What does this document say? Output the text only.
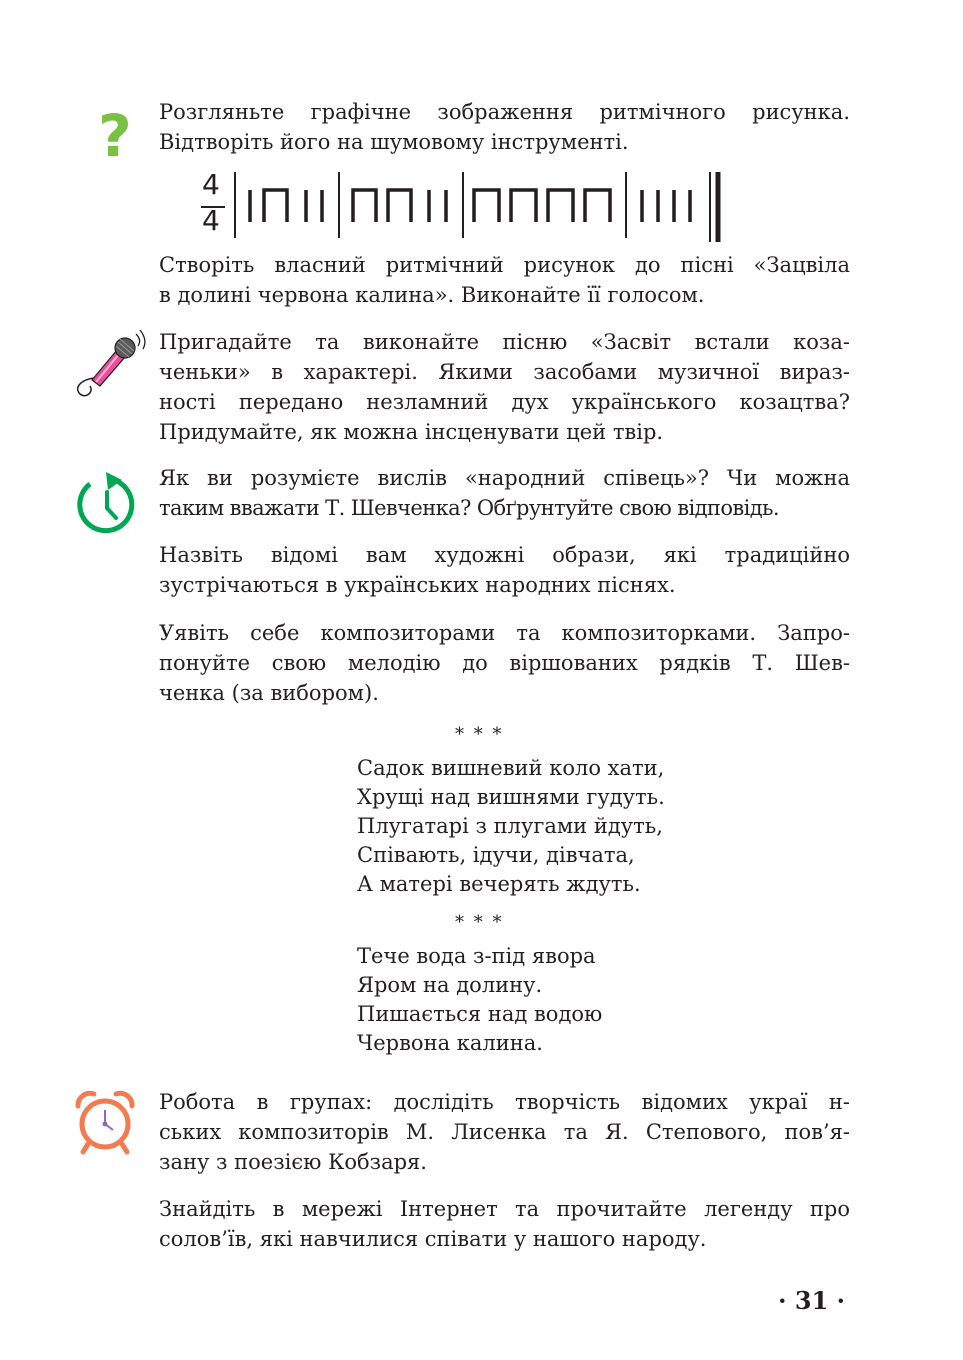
? Розгляньте графічне зображення ритмічного рисунка.
Відтворіть його на шумовому інструменті.
4
4
Створіть власний ритмічний рисунок до пісні «Зацвіла
в долині червона калина». Виконайте її голосом.
Пригадайте та виконайте пісню «Засвіт встали коза-
ченьки» в характері. Якими засобами музичної вираз-
ності передано незламний дух українського козацтва?
Придумайте, як можна інсценувати цей твір.
Як ви розумієте вислів «народний співець»? Чи можна
таким вважати Т. Шевченка? Обґрунтуйте свою відповідь.
Назвіть відомі вам художні образи, які традиційно
зустрічаються в українських народних піснях.
Уявіть себе композиторами та композиторками. Запро-
понуйте свою мелодію до віршованих рядків Т. Шев-
ченка (за вибором).
* * *
Садок вишневий коло хати,
Хрущі над вишнями гудуть.
Плугатарі з плугами йдуть,
Співають, ідучи, дівчата,
А матері вечерять ждуть.
* * *
Тече вода з-під явора
Яром на долину.
Пишається над водою
Червона калина.
Робота в групах: дослідіть творчість відомих украї н-
ських композиторів М. Лисенка та Я. Степового, пов’я-
зану з поезією Кобзаря.
Знайдіть в мережі Інтернет та прочитайте легенду про
солов’їв, які навчилися співати у нашого народу.
· 31 ·
